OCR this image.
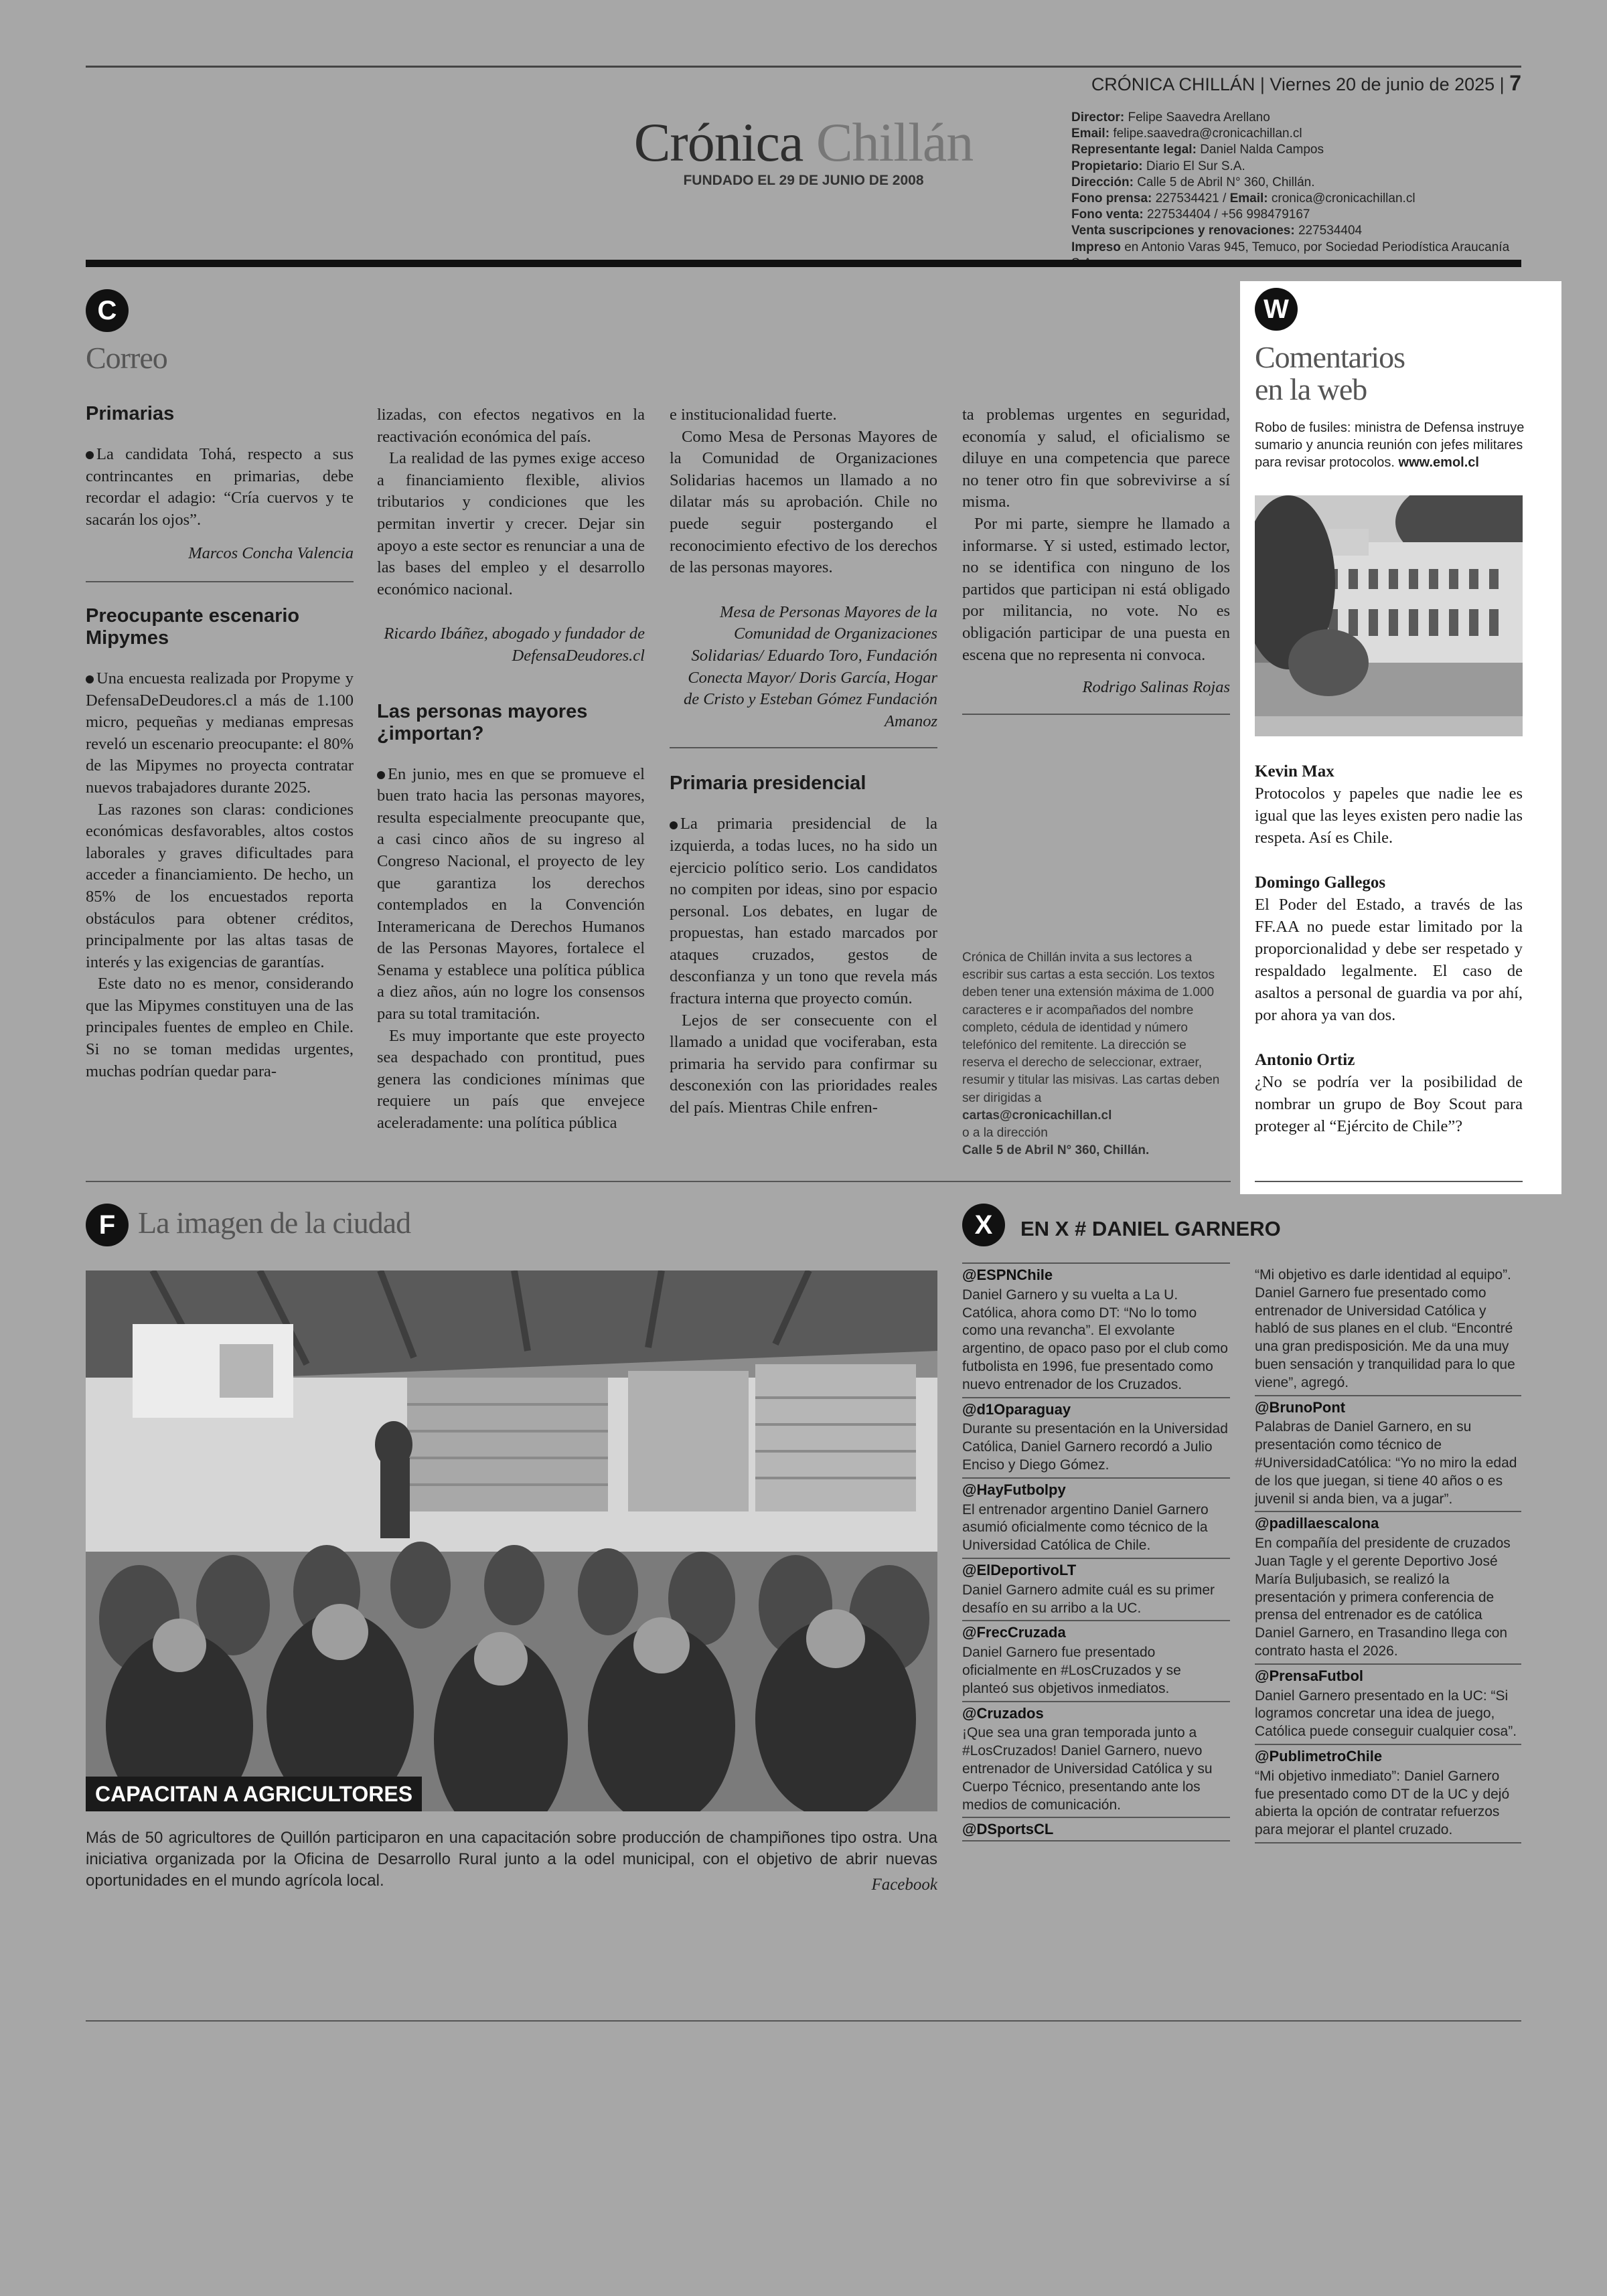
CRÓNICA CHILLÁN | Viernes 20 de junio de 2025 | 7
Crónica Chillán
FUNDADO EL 29 DE JUNIO DE 2008
Director: Felipe Saavedra Arellano
Email: felipe.saavedra@cronicachillan.cl
Representante legal: Daniel Nalda Campos
Propietario: Diario El Sur S.A.
Dirección: Calle 5 de Abril N° 360, Chillán.
Fono prensa: 227534421 / Email: cronica@cronicachillan.cl
Fono venta: 227534404 / +56 998479167
Venta suscripciones y renovaciones: 227534404
Impreso en Antonio Varas 945, Temuco, por Sociedad Periodística Araucanía
C
Correo
Primarias

La candidata Tohá, respecto a sus contrincantes en primarias, debe recordar el adagio: “Cría cuervos y te sacarán los ojos”.

Marcos Concha Valencia

Preocupante escenario Mipymes

Una encuesta realizada por Propyme y DefensaDeDeudores.cl a más de 1.100 micro, pequeñas y medianas empresas reveló un escenario preocupante: el 80% de las Mipymes no proyecta contratar nuevos trabajadores durante 2025.

Las razones son claras: condiciones económicas desfavorables, altos costos laborales y graves dificultades para acceder a financiamiento. De hecho, un 85% de los encuestados reporta obstáculos para obtener créditos, principalmente por las altas tasas de interés y las exigencias de garantías.

Este dato no es menor, considerando que las Mipymes constituyen una de las principales fuentes de empleo en Chile. Si no se toman medidas urgentes, muchas podrían quedar para-

lizadas, con efectos negativos en la reactivación económica del país.

La realidad de las pymes exige acceso a financiamiento flexible, alivios tributarios y condiciones que les permitan invertir y crecer. Dejar sin apoyo a este sector es renunciar a una de las bases del empleo y el desarrollo económico nacional.

Ricardo Ibáñez, abogado y fundador de DefensaDeudores.cl

Las personas mayores ¿importan?

En junio, mes en que se promueve el buen trato hacia las personas mayores, resulta especialmente preocupante que, a casi cinco años de su ingreso al Congreso Nacional, el proyecto de ley que garantiza los derechos contemplados en la Convención Interamericana de Derechos Humanos de las Personas Mayores, fortalece el Senama y establece una política pública a diez años, aún no logre los consensos para su total tramitación.

Es muy importante que este proyecto sea despachado con prontitud, pues genera las condiciones mínimas que requiere un país que envejece aceleradamente: una política pública

e institucionalidad fuerte.

Como Mesa de Personas Mayores de la Comunidad de Organizaciones Solidarias hacemos un llamado a no dilatar más su aprobación. Chile no puede seguir postergando el reconocimiento efectivo de los derechos de las personas mayores.

Mesa de Personas Mayores de la Comunidad de Organizaciones Solidarias/ Eduardo Toro, Fundación Conecta Mayor/ Doris García, Hogar de Cristo y Esteban Gómez Fundación Amanoz

Primaria presidencial

La primaria presidencial de la izquierda, a todas luces, no ha sido un ejercicio político serio. Los candidatos no compiten por ideas, sino por espacio personal. Los debates, en lugar de propuestas, han estado marcados por ataques cruzados, gestos de desconfianza y un tono que revela más fractura interna que proyecto común.

Lejos de ser consecuente con el llamado a unidad que vociferaban, esta primaria ha servido para confirmar su desconexión con las prioridades reales del país. Mientras Chile enfren-

ta problemas urgentes en seguridad, economía y salud, el oficialismo se diluye en una competencia que parece no tener otro fin que sobrevivirse a sí misma.

Por mi parte, siempre he llamado a informarse. Y si usted, estimado lector, no se identifica con ninguno de los partidos que participan ni está obligado por militancia, no vote. No es obligación participar de una puesta en escena que no representa ni convoca.

Rodrigo Salinas Rojas

Crónica de Chillán invita a sus lectores a escribir sus cartas a esta sección. Los textos deben tener una extensión máxima de 1.000 caracteres e ir acompañados del nombre completo, cédula de identidad y número telefónico del remitente. La dirección se reserva el derecho de seleccionar, extraer, resumir y titular las misivas. Las cartas deben ser dirigidas a
cartas@cronicachillan.cl
o a la dirección
Calle 5 de Abril N° 360, Chillán.
W
Comentarios
en la web
Robo de fusiles: ministra de Defensa instruye sumario y anuncia reunión con jefes militares para revisar protocolos. www.emol.cl
Kevin Max
Protocolos y papeles que nadie lee es igual que las leyes existen pero nadie las respeta. Así es Chile.
Domingo Gallegos
El Poder del Estado, a través de las FF.AA no puede estar limitado por la proporcionalidad y debe ser respetado y respaldado legalmente. El caso de asaltos a personal de guardia va por ahí, por ahora ya van dos.
Antonio Ortiz
¿No se podría ver la posibilidad de nombrar un grupo de Boy Scout para proteger al “Ejército de Chile”?
F La imagen de la ciudad
CAPACITAN A AGRICULTORES
Más de 50 agricultores de Quillón participaron en una capacitación sobre producción de champiñones tipo ostra. Una iniciativa organizada por la Oficina de Desarrollo Rural junto a la odel municipal, con el objetivo de abrir nuevas oportunidades en el mundo agrícola local.	Facebook
X	EN X # DANIEL GARNERO
@ESPNChile
Daniel Garnero y su vuelta a La U. Católica, ahora como DT: “No lo tomo como una revancha”. El exvolante argentino, de opaco paso por el club como futbolista en 1996, fue presentado como nuevo entrenador de los Cruzados.
@d1Oparaguay
Durante su presentación en la Universidad Católica, Daniel Garnero recordó a Julio Enciso y Diego Gómez.
@HayFutbolpy
El entrenador argentino Daniel Garnero asumió oficialmente como técnico de la Universidad Católica de Chile.
@ElDeportivoLT
Daniel Garnero admite cuál es su primer desafío en su arribo a la UC.
@FrecCruzada
Daniel Garnero fue presentado oficialmente en #LosCruzados y se planteó sus objetivos inmediatos.
@Cruzados
¡Que sea una gran temporada junto a #LosCruzados! Daniel Garnero, nuevo entrenador de Universidad Católica y su Cuerpo Técnico, presentando ante los medios de comunicación.
@DSportsCL
“Mi objetivo es darle identidad al equipo”. Daniel Garnero fue presentado como entrenador de Universidad Católica y habló de sus planes en el club. “Encontré una gran predisposición. Me da una muy buen sensación y tranquilidad para lo que viene”, agregó.
@BrunoPont
Palabras de Daniel Garnero, en su presentación como técnico de #UniversidadCatólica: “Yo no miro la edad de los que juegan, si tiene 40 años o es juvenil si anda bien, va a jugar”.
@padillaescalona
En compañía del presidente de cruzados Juan Tagle y el gerente Deportivo José María Buljubasich, se realizó la presentación y primera conferencia de prensa del entrenador es de católica Daniel Garnero, en Trasandino llega con contrato hasta el 2026.
@PrensaFutbol
Daniel Garnero presentado en la UC: “Si logramos concretar una idea de juego, Católica puede conseguir cualquier cosa”.
@PublimetroChile
“Mi objetivo inmediato”: Daniel Garnero fue presentado como DT de la UC y dejó abierta la opción de contratar refuerzos para mejorar el plantel cruzado.
